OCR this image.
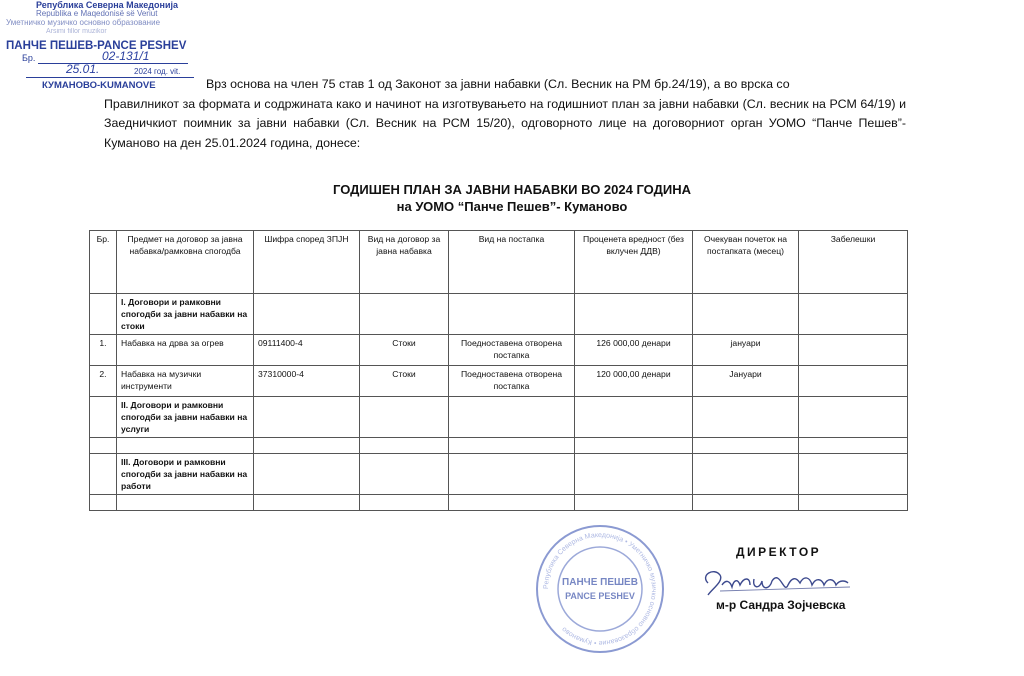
Република Северна Македонија
Republika e Maqedonisë së Veriut
Уметничко музичко основно образование
Arsimi fillor muzikor
ПАНЧЕ ПЕШЕВ-PANCE PESHEV
Бр.	02-131/1
25.01.	2024 год. vit.
КУМАНОВО-KUMANOVE	Врз основа на член 75 став 1 од Законот за јавни набавки (Сл. Весник на РМ бр.24/19), а во врска со
Правилникот за формата и содржината како и начинот на изготвувањето на годишниот план за јавни набавки (Сл. весник на РСМ 64/19) и Заедничкиот поимник за јавни набавки (Сл. Весник на РСМ 15/20), одговорното лице на договорниот орган УОМО “Панче Пешев”- Куманово на ден 25.01.2024 година, донесе:
ГОДИШЕН ПЛАН ЗА ЈАВНИ НАБАВКИ ВО 2024 ГОДИНА
на УОМО “Панче Пешев”- Куманово
Бр.	Предмет на договор за јавна набавка/рамковна спогодба	Шифра според ЗПЈН	Вид на договор за јавна набавка	Вид на постапка	Проценета вредност (без вклучен ДДВ)	Очекуван почеток на постапката (месец)	Забелешки
	I. Договори и рамковни спогодби за јавни набавки на стоки						
1.	Набавка на дрва за огрев	09111400-4	Стоки	Поедноставена отворена постапка	126 000,00 денари	јануари	
2.	Набавка на музички инструменти	37310000-4	Стоки	Поедноставена отворена постапка	120 000,00 денари	Јануари	
	II. Договори и рамковни спогодби за јавни набавки на услуги						

	III. Договори и рамковни спогодби за јавни набавки на работи						

Република Северна Македонија • Уметничко музичко основно образование • Куманово
ПАНЧЕ ПЕШЕВ
PANCE PESHEV
ДИРЕКТОР
м-р Сандра Зојчевска
